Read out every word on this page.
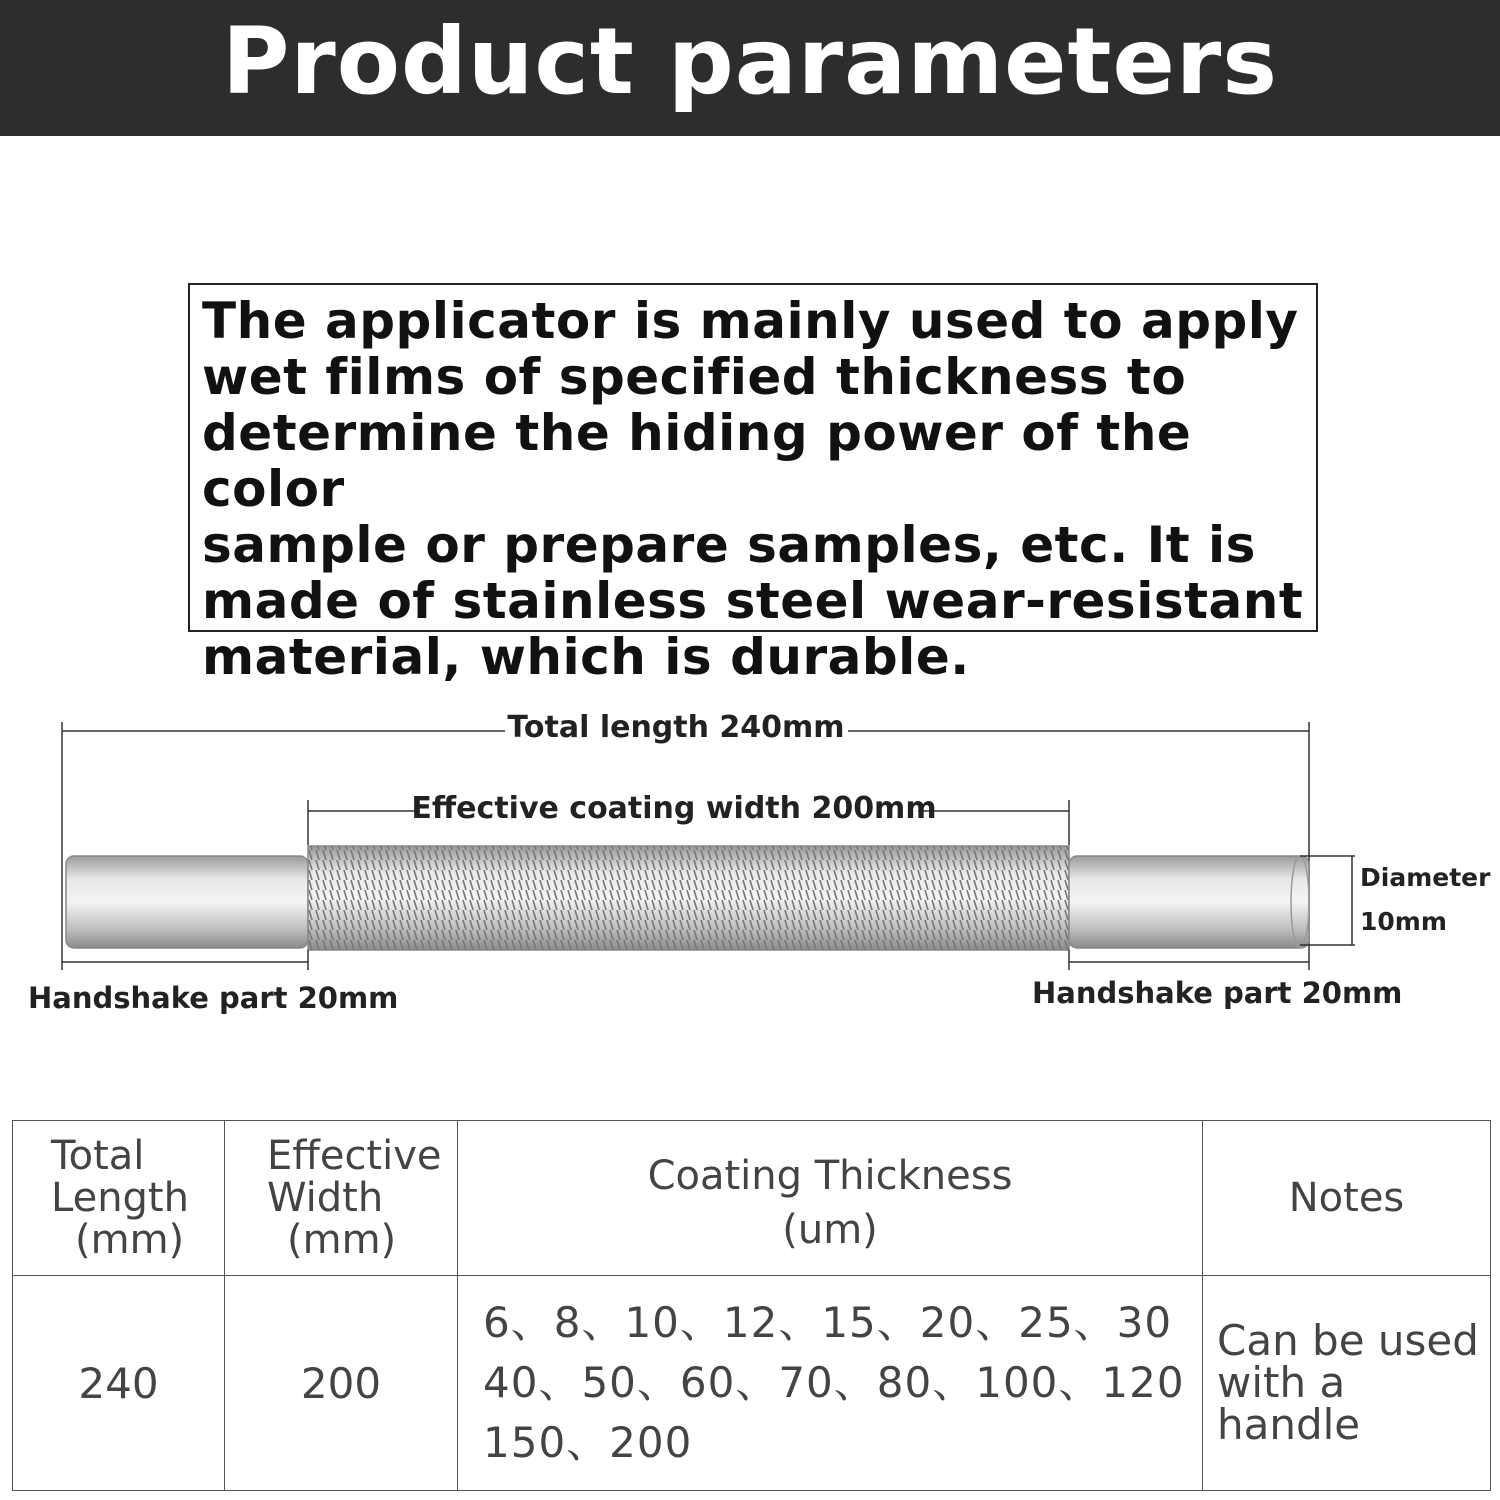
Product parameters
The applicator is mainly used to apply
wet films of specified thickness to
determine the hiding power of the color
sample or prepare samples, etc. It is
made of stainless steel wear-resistant
material, which is durable.
Total length 240mm
Effective coating width 200mm
Diameter
10mm
Handshake part 20mm	Handshake part 20mm
Total
Length
(mm)	Effective
Width
(mm)	Coating Thickness
(um)	Notes
240	200	6、8、10、12、15、20、25、30
40、50、60、70、80、100、120
150、200	Can be used
with a handle
